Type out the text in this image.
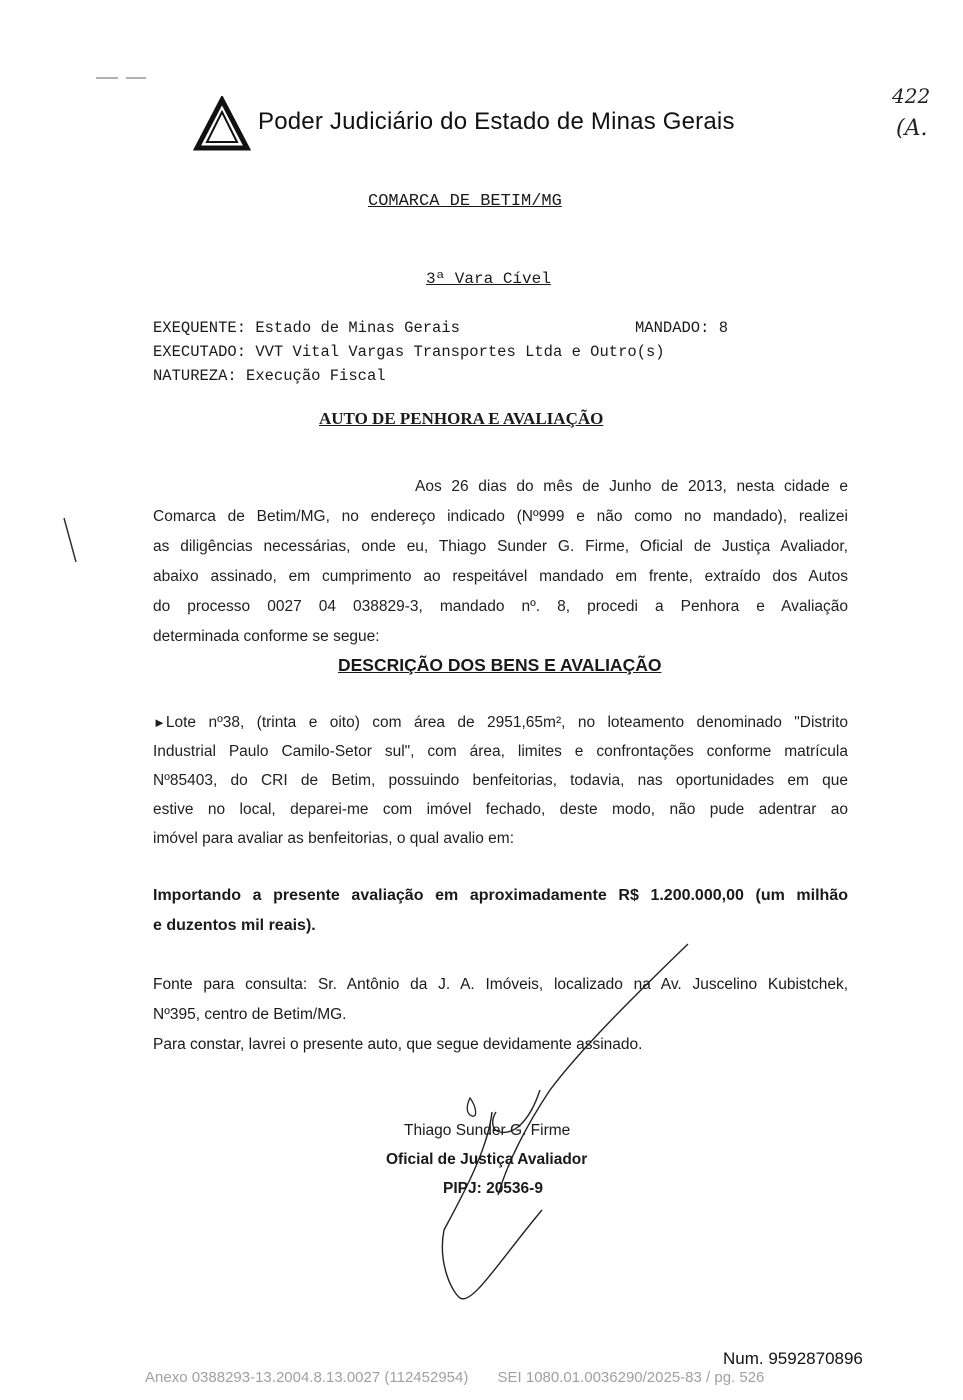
Poder Judiciário do Estado de Minas Gerais
422
(A.
COMARCA DE BETIM/MG
3ª Vara Cível
EXEQUENTE: Estado de Minas Gerais	MANDADO: 8
EXECUTADO: VVT Vital Vargas Transportes Ltda e Outro(s)
NATUREZA: Execução Fiscal
AUTO DE PENHORA E AVALIAÇÃO
Aos 26 dias do mês de Junho de 2013, nesta cidade e
Comarca de Betim/MG, no endereço indicado (Nº999 e não como no mandado), realizei
as diligências necessárias, onde eu, Thiago Sunder G. Firme, Oficial de Justiça Avaliador,
abaixo assinado, em cumprimento ao respeitável mandado em frente, extraído dos Autos
do processo 0027 04 038829-3, mandado nº. 8, procedi a Penhora e Avaliação
determinada conforme se segue:
DESCRIÇÃO DOS BENS E AVALIAÇÃO
►Lote nº38, (trinta e oito) com área de 2951,65m², no loteamento denominado "Distrito
Industrial Paulo Camilo-Setor sul", com área, limites e confrontações conforme matrícula
Nº85403, do CRI de Betim, possuindo benfeitorias, todavia, nas oportunidades em que
estive no local, deparei-me com imóvel fechado, deste modo, não pude adentrar ao
imóvel para avaliar as benfeitorias, o qual avalio em:
Importando a presente avaliação em aproximadamente R$ 1.200.000,00 (um milhão
e duzentos mil reais).
Fonte para consulta: Sr. Antônio da J. A. Imóveis, localizado na Av. Juscelino Kubistchek,
Nº395, centro de Betim/MG.
Para constar, lavrei o presente auto, que segue devidamente assinado.
Thiago Sunder G. Firme
Oficial de Justiça Avaliador
PIPJ: 20536-9
Num. 9592870896
Anexo 0388293-13.2004.8.13.0027 (112452954)       SEI 1080.01.0036290/2025-83 / pg. 526
